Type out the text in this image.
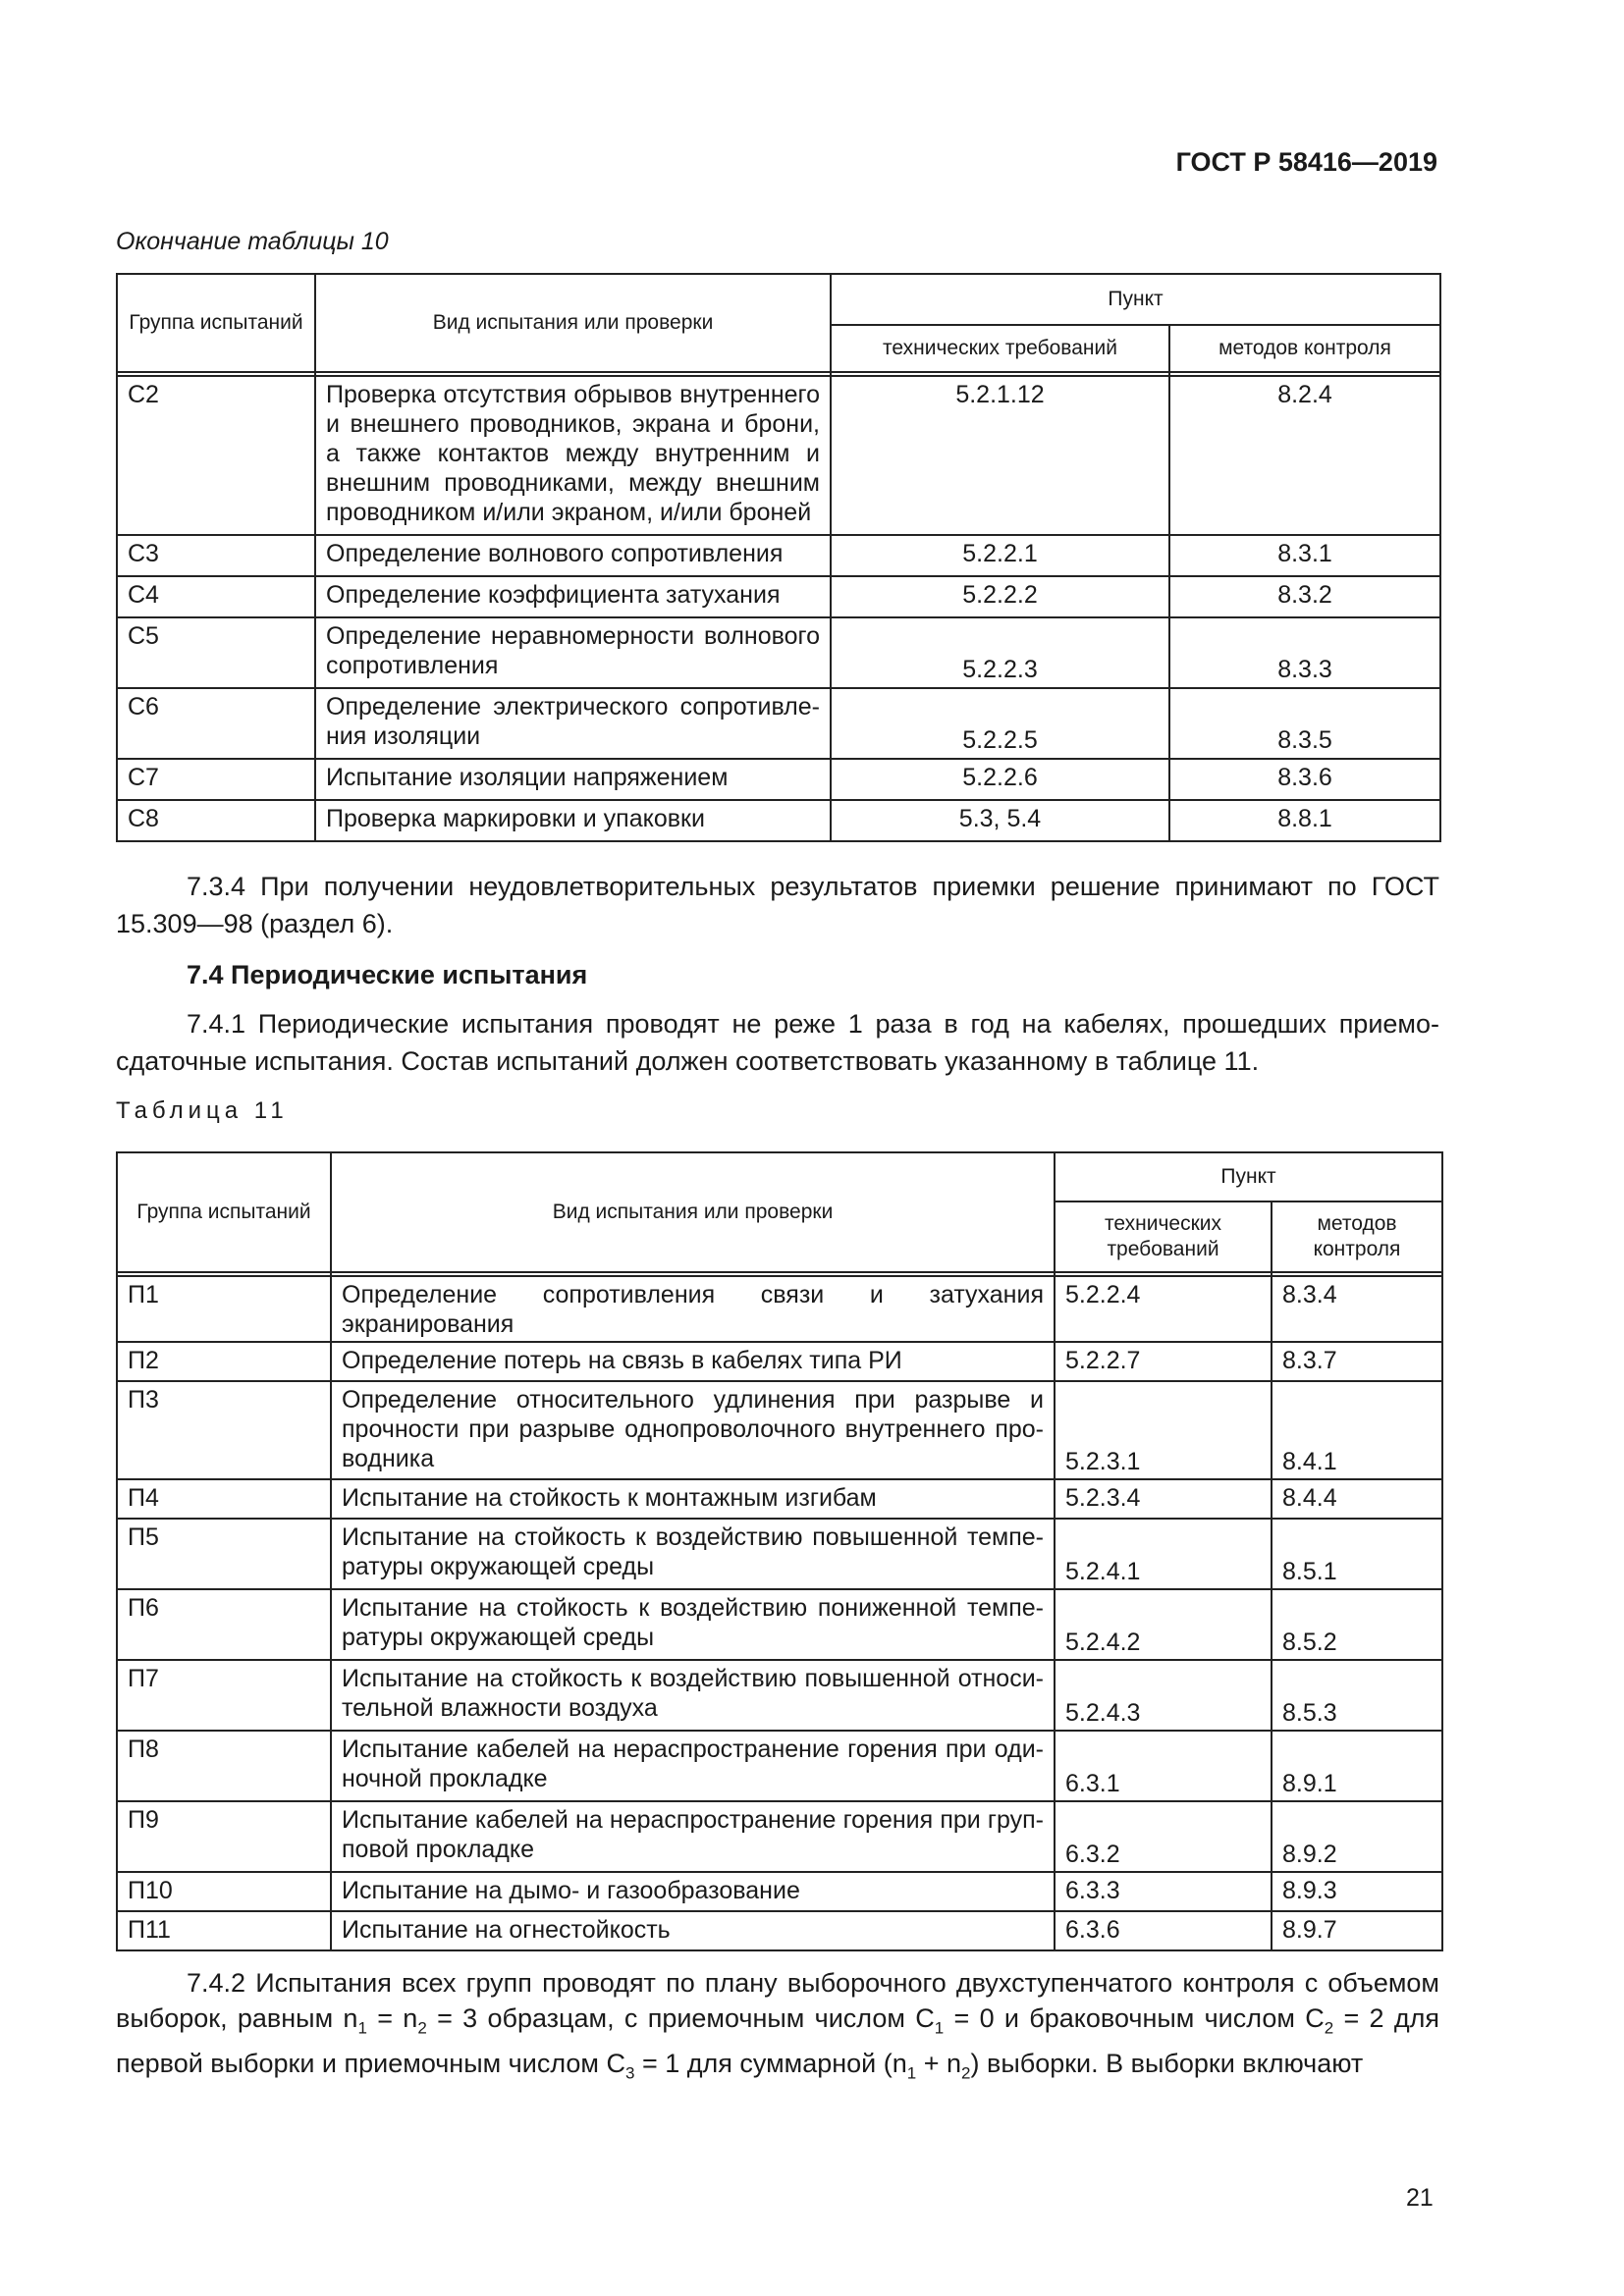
ГОСТ Р 58416—2019
Окончание таблицы 10
Группа испытаний	Вид испытания или проверки	Пункт	
		технических требований	методов контроля

С2	Проверка отсутствия обрывов внутреннего и внешнего проводников, экрана и брони, а также контактов между внутренним и внешним проводниками, между внешним проводником и/или экраном, и/или броней	5.2.1.12	8.2.4
С3	Определение волнового сопротивления	5.2.2.1	8.3.1
С4	Определение коэффициента затухания	5.2.2.2	8.3.2
С5	Определение неравномерности волнового сопротивления	5.2.2.3	8.3.3
С6	Определение электрического сопротивле-ния изоляции	5.2.2.5	8.3.5
С7	Испытание изоляции напряжением	5.2.2.6	8.3.6
С8	Проверка маркировки и упаковки	5.3, 5.4	8.8.1
7.3.4 При получении неудовлетворительных результатов приемки решение принимают по ГОСТ 15.309—98 (раздел 6).
7.4 Периодические испытания
7.4.1 Периодические испытания проводят не реже 1 раза в год на кабелях, прошедших приемо-сдаточные испытания. Состав испытаний должен соответствовать указанному в таблице 11.
Таблица 11
Группа испытаний	Вид испытания или проверки	Пункт	
		технических требований	методов контроля

П1	Определение сопротивления связи и затухания экранирования	5.2.2.4	8.3.4
П2	Определение потерь на связь в кабелях типа РИ	5.2.2.7	8.3.7
П3	Определение относительного удлинения при разрыве и прочности при разрыве однопроволочного внутреннего про-водника	5.2.3.1	8.4.1
П4	Испытание на стойкость к монтажным изгибам	5.2.3.4	8.4.4
П5	Испытание на стойкость к воздействию повышенной темпе-ратуры окружающей среды	5.2.4.1	8.5.1
П6	Испытание на стойкость к воздействию пониженной темпе-ратуры окружающей среды	5.2.4.2	8.5.2
П7	Испытание на стойкость к воздействию повышенной относи-тельной влажности воздуха	5.2.4.3	8.5.3
П8	Испытание кабелей на нераспространение горения при оди-ночной прокладке	6.3.1	8.9.1
П9	Испытание кабелей на нераспространение горения при груп-повой прокладке	6.3.2	8.9.2
П10	Испытание на дымо- и газообразование	6.3.3	8.9.3
П11	Испытание на огнестойкость	6.3.6	8.9.7
7.4.2 Испытания всех групп проводят по плану выборочного двухступенчатого контроля с объемом выборок, равным $n_1 = n_2 = 3$ образцам, с приемочным числом $C_1 = 0$ и браковочным числом $C_2 = 2$ для первой выборки и приемочным числом $C_3 = 1$ для суммарной $(n_1 + n_2)$ выборки. В выборки включают
21
